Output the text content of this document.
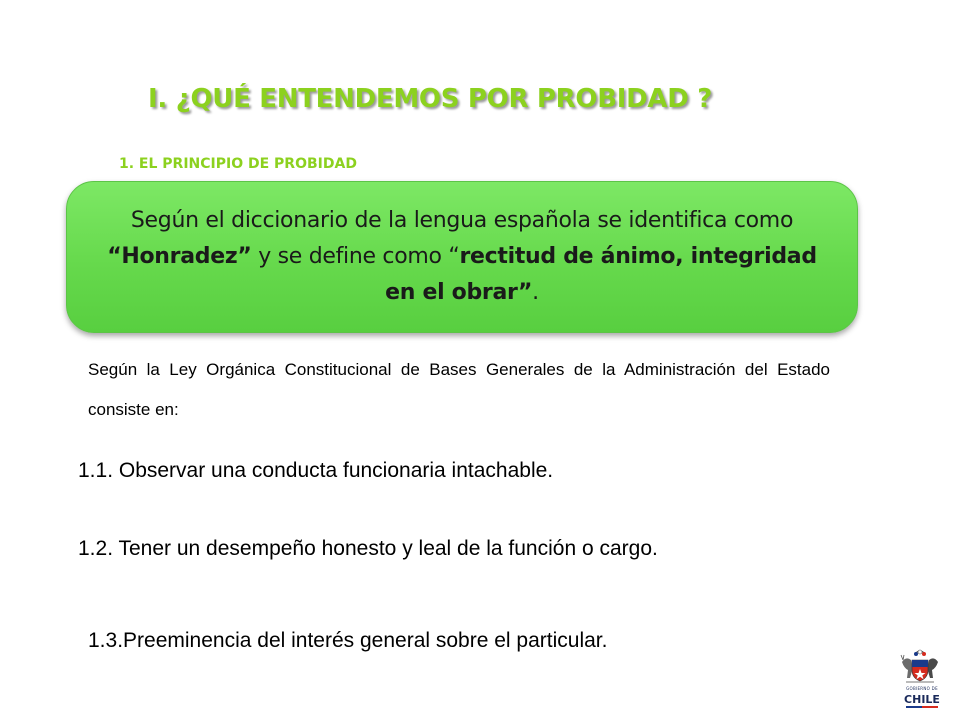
I. ¿QUÉ ENTENDEMOS POR PROBIDAD ?
1. EL PRINCIPIO DE PROBIDAD
Según el diccionario de la lengua española se identifica como “Honradez” y se define como “rectitud de ánimo, integridad en el obrar”.
Según la Ley Orgánica Constitucional de Bases Generales de la Administración del Estado consiste en:
1.1. Observar una conducta funcionaria intachable.
1.2. Tener un desempeño honesto y leal de la función o cargo.
1.3.Preeminencia del interés general sobre el particular.
GOBIERNO DE
CHILE
